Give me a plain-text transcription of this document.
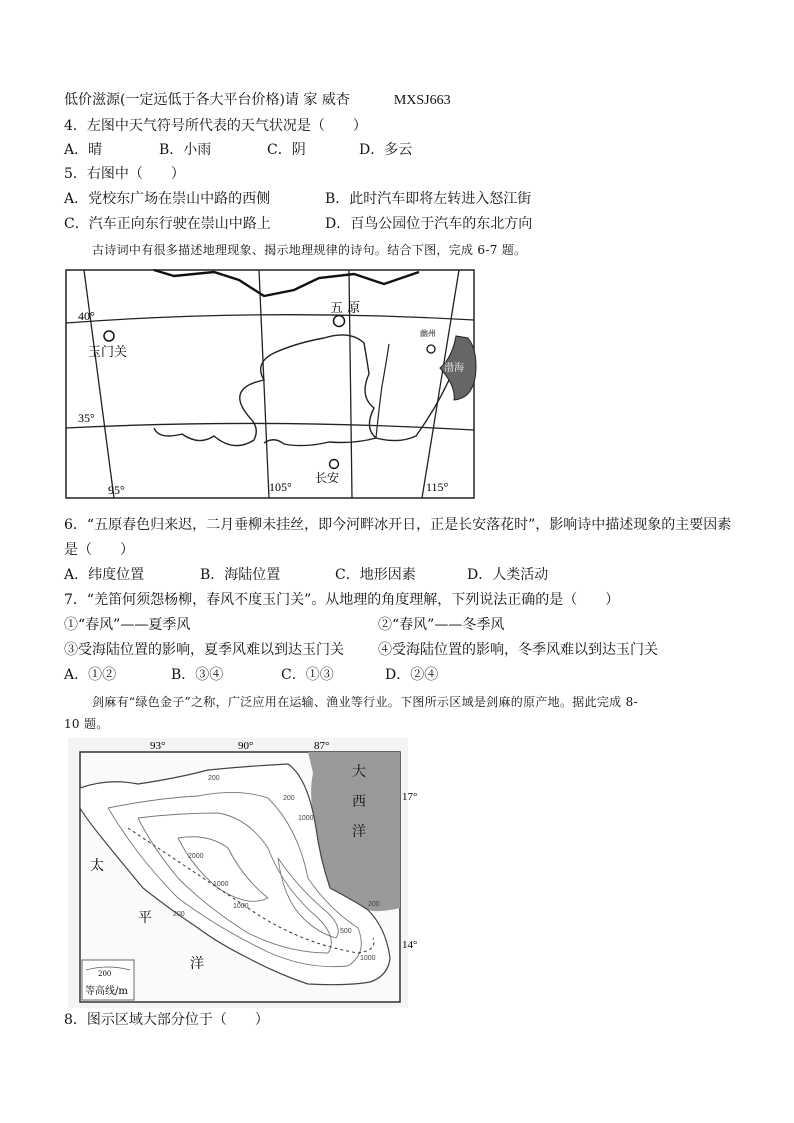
低价滋源(一定远低于各大平台价格)请 家 威杏	MXSJ663
4．左图中天气符号所代表的天气状况是（　　）
A．晴	B．小雨	C．阴	D．多云
5．右图中（　　）
A．党校东广场在崇山中路的西侧	B．此时汽车即将左转进入怒江街
C．汽车正向东行驶在崇山中路上	D．百鸟公园位于汽车的东北方向
古诗词中有很多描述地理现象、揭示地理规律的诗句。结合下图，完成 6-7 题。
40°
35°
95°	105°	115°
玉门关
五 原
幽州
渤海
长安
6．“五原春色归来迟，二月垂柳未挂丝，即今河畔冰开日，正是长安落花时”，影响诗中描述现象的主要因素
是（　　）
A．纬度位置	B．海陆位置	C．地形因素	D．人类活动
7．“羌笛何须怨杨柳，春风不度玉门关”。从地理的角度理解，下列说法正确的是（　　）
①“春风”——夏季风	②“春风”——冬季风
③受海陆位置的影响，夏季风难以到达玉门关 ④受海陆位置的影响，冬季风难以到达玉门关
A．①②	B．③④	C．①③	D．②④
剑麻有“绿色金子”之称，广泛应用在运输、渔业等行业。下图所示区域是剑麻的原产地。据此完成 8-
10 题。
93°	90°	87°
17°
14°
大
西
洋
太
平
洋
200
2000
1000
200
1000
1000
200
500
1000
200
200
等高线/m
8．图示区域大部分位于（　　）
